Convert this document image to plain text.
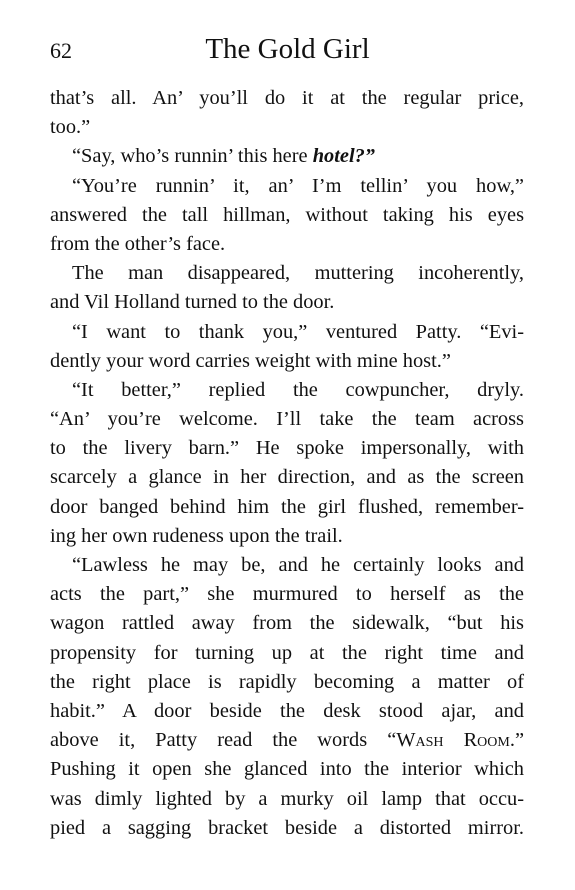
62	The Gold Girl
that’s all. An’ you’ll do it at the regular price,
too.”
“Say, who’s runnin’ this here hotel?”
“You’re runnin’ it, an’ I’m tellin’ you how,”
answered the tall hillman, without taking his eyes
from the other’s face.
The man disappeared, muttering incoherently,
and Vil Holland turned to the door.
“I want to thank you,” ventured Patty. “Evi-
dently your word carries weight with mine host.”
“It better,” replied the cowpuncher, dryly.
“An’ you’re welcome. I’ll take the team across
to the livery barn.” He spoke impersonally, with
scarcely a glance in her direction, and as the screen
door banged behind him the girl flushed, remember-
ing her own rudeness upon the trail.
“Lawless he may be, and he certainly looks and
acts the part,” she murmured to herself as the
wagon rattled away from the sidewalk, “but his
propensity for turning up at the right time and
the right place is rapidly becoming a matter of
habit.” A door beside the desk stood ajar, and
above it, Patty read the words “Wash Room.”
Pushing it open she glanced into the interior which
was dimly lighted by a murky oil lamp that occu-
pied a sagging bracket beside a distorted mirror.
